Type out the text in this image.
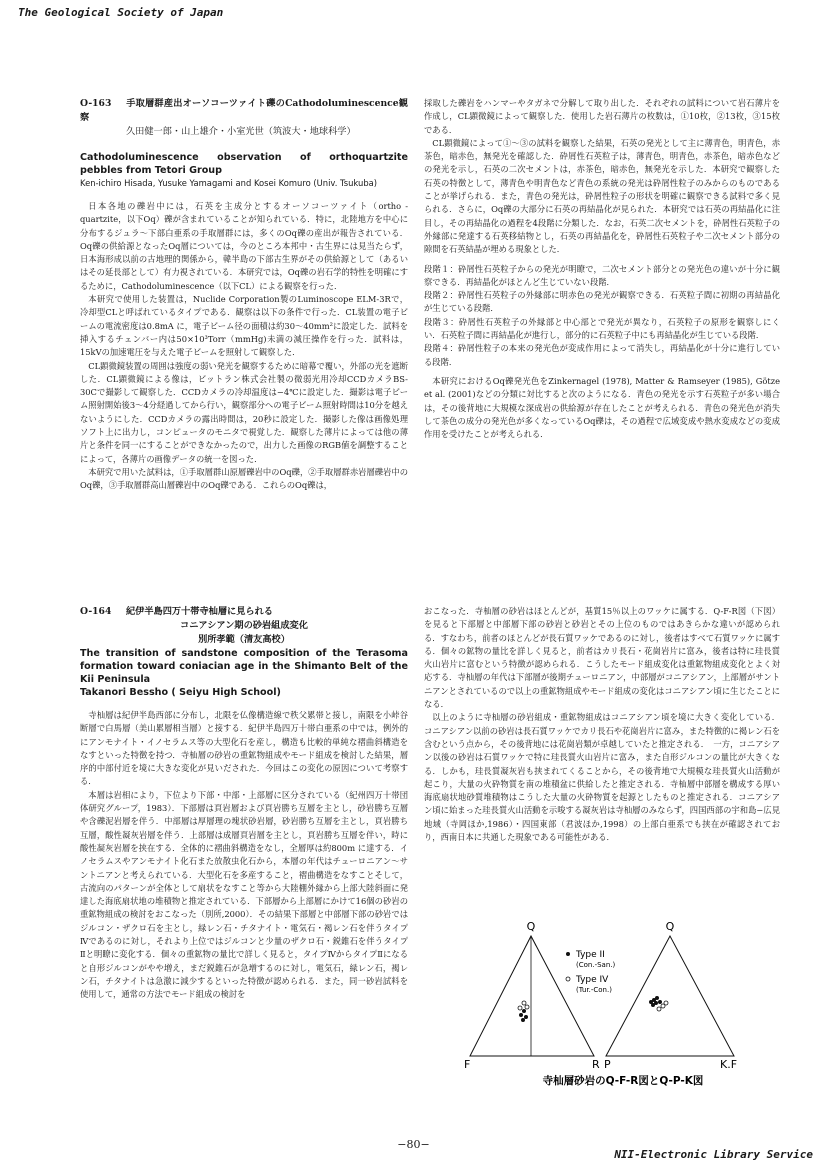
The Geological Society of Japan
O-163 手取層群産出オーソコーツァイト礫のCathodoluminescence観察
久田健一郎・山上雄介・小室光世（筑波大・地球科学）
Cathodoluminescence observation of orthoquartzite pebbles from Tetori Group
Ken-ichiro Hisada, Yusuke Yamagami and Kosei Komuro (Univ. Tsukuba)

日本各地の礫岩中には，石英を主成分とするオーソコーツァイト（ortho - quartzite，以下Oq）礫が含まれていることが知られている．特に，北陸地方を中心に分布するジュラ〜下部白亜系の手取層群には，多くのOq礫の産出が報告されている．Oq礫の供給源となったOq層については，今のところ本邦中・古生界には見当たらず，日本海形成以前の古地理的関係から，韓半島の下部古生界がその供給源として（あるいはその延長部として）有力視されている．本研究では，Oq礫の岩石学的特性を明確にするために，Cathodoluminescence（以下CL）による観察を行った．

本研究で使用した装置は，Nuclide Corporation製のLuminoscope ELM-3Rで，冷却型CLと呼ばれているタイプである．観察は以下の条件で行った．CL装置の電子ビームの電流密度は0.8mA に，電子ビーム径の面積は約30〜40mm²に設定した．試料を挿入するチェンバー内は50×10³Torr（mmHg)未満の減圧操作を行った．試料は，15kVの加速電圧を与えた電子ビームを照射して観察した．

CL顕微鏡装置の周囲は強度の弱い発光を観察するために暗幕で覆い，外部の光を遮断した．CL顕微鏡による像は，ビットラン株式会社製の微弱光用冷却CCDカメラBS-30Cで撮影して観察した．CCDカメラの冷却温度は−4℃に設定した．撮影は電子ビーム照射開始後3〜4分経過してから行い，観察部分への電子ビーム照射時間は10分を越えないようにした．CCDカメラの露出時間は，20秒に設定した．撮影した像は画像処理ソフト上に出力し，コンピュータのモニタで視覚した．観察した薄片によっては他の薄片と条件を同一にすることができなかったので，出力した画像のRGB値を調整することによって，各薄片の画像データの統一を図った．

本研究で用いた試料は，①手取層群山原層礫岩中のOq礫，②手取層群赤岩層礫岩中のOq礫，③手取層群高山層礫岩中のOq礫である．これらのOq礫は，

採取した礫岩をハンマーやタガネで分解して取り出した．それぞれの試料について岩石薄片を作成し，CL顕微鏡によって観察した．使用した岩石薄片の枚数は，①10枚，②13枚，③15枚である．

CL顕微鏡によって①〜③の試料を観察した結果，石英の発光として主に薄青色，明青色，赤茶色，暗赤色，無発光を確認した．砕屑性石英粒子は，薄青色，明青色，赤茶色，暗赤色などの発光を示し，石英の二次セメントは，赤茶色，暗赤色，無発光を示した．本研究で観察した石英の特徴として，薄青色や明青色など青色の系統の発光は砕屑性粒子のみからのものであることが挙げられる．また，青色の発光は，砕屑性粒子の形状を明確に観察できる試料で多く見られる．さらに，Oq礫の大部分に石英の再結晶化が見られた．本研究では石英の再結晶化に注目し，その再結晶化の過程を4段階に分類した．なお，石英二次セメントを，砕屑性石英粒子の外縁部に発達する石英移結物とし，石英の再結晶化を，砕屑性石英粒子や二次セメント部分の隙間を石英結晶が埋める現象とした．

段階１：砕屑性石英粒子からの発光が明瞭で，二次セメント部分との発光色の違いが十分に観察できる．再結晶化がほとんど生じていない段階．

段階２：砕屑性石英粒子の外縁部に明赤色の発光が観察できる．石英粒子間に初期の再結晶化が生じている段階．

段階３：砕屑性石英粒子の外縁部と中心部とで発光が異なり，石英粒子の原形を観察しにくい．石英粒子間に再結晶化が進行し，部分的に石英粒子中にも再結晶化が生じている段階．

段階４：砕屑性粒子の本来の発光色が変成作用によって消失し，再結晶化が十分に進行している段階．

本研究におけるOq礫発光色をZinkernagel (1978), Matter & Ramseyer (1985), Götze et al. (2001)などの分類に対比すると次のようになる．青色の発光を示す石英粒子が多い場合は，その後背地に大規模な深成岩の供給源が存在したことが考えられる．青色の発光色が消失して茶色の成分の発光色が多くなっているOq礫は，その過程で広域変成や熱水変成などの変成作用を受けたことが考えられる．

O-164 紀伊半島四万十帯寺杣層に見られる
コニアシアン期の砂岩組成変化
別所孝範（清友高校）
The transition of sandstone composition of the Terasoma formation toward coniacian age in the Shimanto Belt of the Kii Peninsula
Takanori Bessho ( Seiyu High School)

寺杣層は紀伊半島西部に分布し，北限を仏像構造線で秩父累帯と接し，南限を小峠谷断層で白馬層（美山累層相当層）と接する．紀伊半島四万十帯白亜系の中では，例外的にアンモナイト・イノセラムス等の大型化石を産し，構造も比較的単純な褶曲斜構造をなすといった特徴を持つ．寺杣層の砂岩の重鉱物組成やモード組成を検討した結果，層序的中部付近を境に大きな変化が見いだされた．今回はこの変化の原因について考察する．

本層は岩相により，下位より下部・中部・上部層に区分されている（紀州四万十帯団体研究グループ，1983）．下部層は頁岩層および頁岩勝ち互層を主とし，砂岩勝ち互層や含礫泥岩層を伴う．中部層は厚層理の塊状砂岩層，砂岩勝ち互層を主とし，頁岩勝ち互層，酸性凝灰岩層を伴う．上部層は成層頁岩層を主とし，頁岩勝ち互層を伴い，時に酸性凝灰岩層を挟在する．全体的に褶曲斜構造をなし，全層厚は約800m に達する．イノセラムスやアンモナイト化石また放散虫化石から，本層の年代はチューロニアン〜サントニアンと考えられている．大型化石を多産すること，褶曲構造をなすことそして，古流向のパターンが全体として扇状をなすこと等から大陸棚外縁から上部大陸斜面に発達した海底扇状地の堆積物と推定されている．下部層から上部層にかけて16個の砂岩の重鉱物組成の検討をおこなった（別所,2000）．その結果下部層と中部層下部の砂岩ではジルコン・ザクロ石を主とし，緑レン石・チタナイト・電気石・褐レン石を伴うタイプⅣであるのに対し，それより上位ではジルコンと少量のザクロ石・鋭錐石を伴うタイプⅡと明瞭に変化する．個々の重鉱物の量比で詳しく見ると，タイプⅣからタイプⅡになると自形ジルコンがやや増え，まだ鋭錐石が急増するのに対し，電気石，緑レン石，褐レン石，チタナイトは急激に減少するといった特徴が認められる．また，同一砂岩試料を使用して，通常の方法でモード組成の検討を

おこなった．寺杣層の砂岩はほとんどが，基質15％以上のワッケに属する．Q-F-R図（下図）を見ると下部層と中部層下部の砂岩と砂岩とその上位のものではあきらかな違いが認められる．すなわち，前者のほとんどが長石質ワッケであるのに対し，後者はすべて石質ワッケに属する．個々の鉱物の量比を詳しく見ると，前者はカリ長石・花崗岩片に富み，後者は特に珪長質火山岩片に富むという特徴が認められる．こうしたモード組成変化は重鉱物組成変化とよく対応する．寺杣層の年代は下部層が後期チューロニアン，中部層がコニアシアン，上部層がサントニアンとされているので以上の重鉱物組成やモード組成の変化はコニアシアン頃に生じたことになる．

以上のように寺杣層の砂岩組成・重鉱物組成はコニアシアン頃を境に大きく変化している．コニアシアン以前の砂岩は長石質ワッケでカリ長石や花崗岩片に富み，また特徴的に褐レン石を含むという点から，その後背地には花崗岩類が卓越していたと推定される．　一方，コニアシアン以後の砂岩は石質ワッケで特に珪長質火山岩片に富み，また自形ジルコンの量比が大きくなる．しかも，珪長質凝灰岩も挟まれてくることから，その後背地で大規模な珪長質火山活動が起こり，大量の火砕物質を南の堆積盆に供給したと推定される．寺杣層中部層を構成する厚い海底扇状地砂質堆積物はこうした大量の火砕物質を起源としたものと推定される．コニアシアン頃に始まった珪長質火山活動を示唆する凝灰岩は寺杣層のみならず，四国西部の宇和島−広見地域（寺岡ほか,1986）・四国東部（君波ほか,1998）の上部白亜系でも挟在が確認されており，西南日本に共通した現象である可能性がある．

Q
F	R
Type II
(Con.-San.)
Type IV
(Tur.-Con.)
Q
P	K.F
寺杣層砂岩のQ-F-R図とQ-P-K図
−80−
NII-Electronic Library Service
